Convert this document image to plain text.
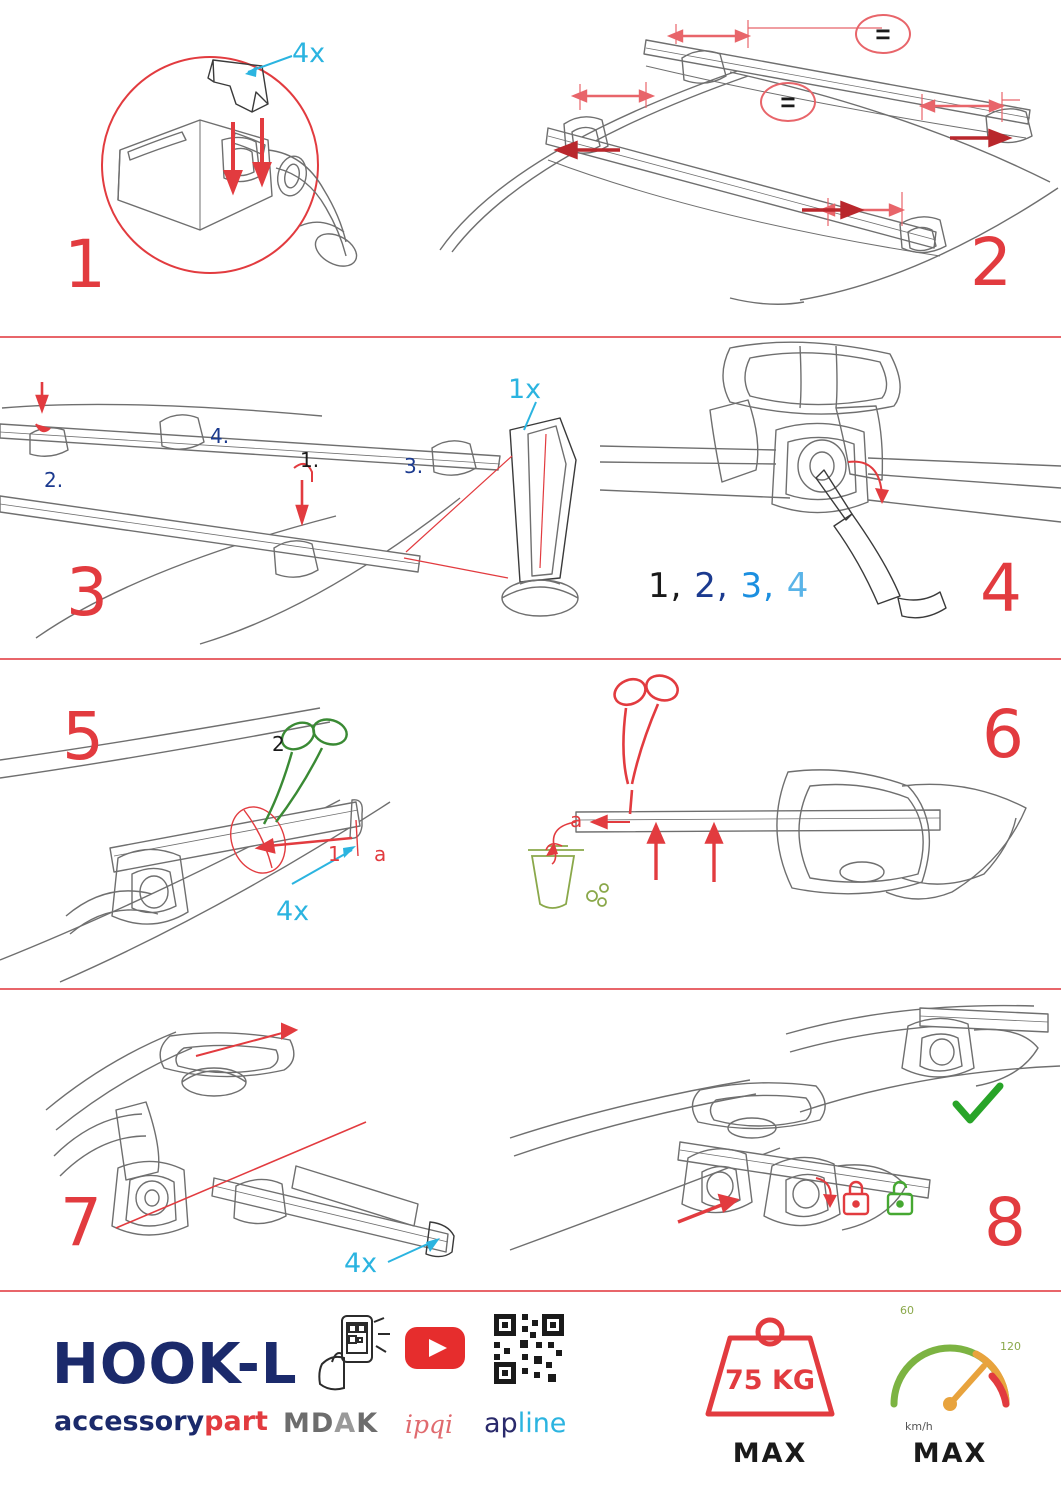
4x
1
=
=
2
1.
2.
3.
4.
1x
3	1, 2, 3, 4	4
5
1 a
2
4x
a
6
7
4x
8
HOOK-L
accessorypart MDAK ipqi apline
75 KG
MAX
60
120
km/h
MAX
